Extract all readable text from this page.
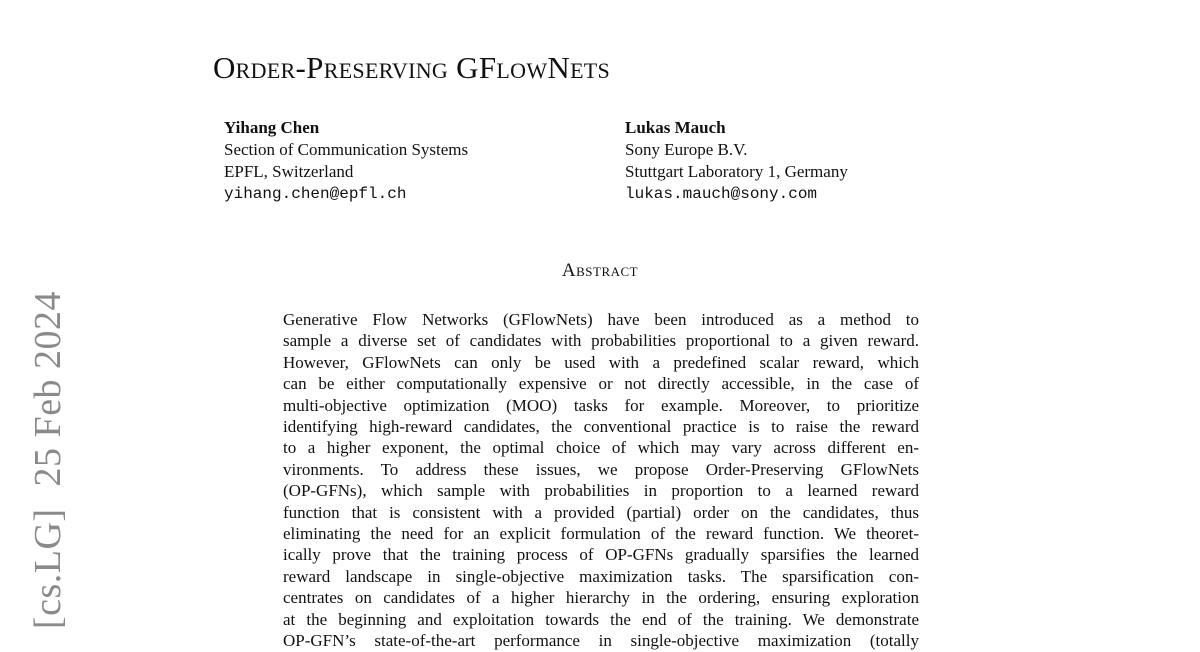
[cs.LG]25 Feb 2024
Order-Preserving GFlowNets
Yihang Chen
Section of Communication Systems
EPFL, Switzerland
yihang.chen@epfl.ch
Lukas Mauch
Sony Europe B.V.
Stuttgart Laboratory 1, Germany
lukas.mauch@sony.com
Abstract
Generative Flow Networks (GFlowNets) have been introduced as a method to
sample a diverse set of candidates with probabilities proportional to a given reward.
However, GFlowNets can only be used with a predefined scalar reward, which
can be either computationally expensive or not directly accessible, in the case of
multi-objective optimization (MOO) tasks for example. Moreover, to prioritize
identifying high-reward candidates, the conventional practice is to raise the reward
to a higher exponent, the optimal choice of which may vary across different en-
vironments. To address these issues, we propose Order-Preserving GFlowNets
(OP-GFNs), which sample with probabilities in proportion to a learned reward
function that is consistent with a provided (partial) order on the candidates, thus
eliminating the need for an explicit formulation of the reward function. We theoret-
ically prove that the training process of OP-GFNs gradually sparsifies the learned
reward landscape in single-objective maximization tasks. The sparsification con-
centrates on candidates of a higher hierarchy in the ordering, ensuring exploration
at the beginning and exploitation towards the end of the training. We demonstrate
OP-GFN’s state-of-the-art performance in single-objective maximization (totally
